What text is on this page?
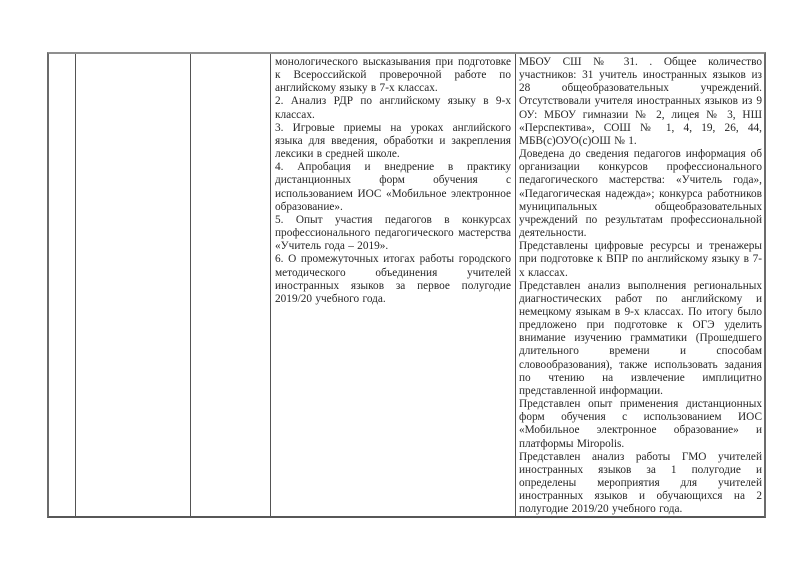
монологического высказывания при подготовке к Всероссийской проверочной работе по английскому языку в 7-х классах.

2. Анализ РДР по английскому языку в 9-х классах.

3. Игровые приемы на уроках английского языка для введения, обработки и закрепления лексики в средней школе.

4. Апробация и внедрение в практику дистанционных форм обучения с использованием ИОС «Мобильное электронное образование».

5. Опыт участия педагогов в конкурсах профессионального педагогического мастерства «Учитель года – 2019».

6. О промежуточных итогах работы городского методического объединения учителей иностранных языков за первое полугодие 2019/20 учебного года.

МБОУ СШ № 31. . Общее количество участников: 31 учитель иностранных языков из 28 общеобразовательных учреждений. Отсутствовали учителя иностранных языков из 9 ОУ: МБОУ гимназии № 2, лицея № 3, НШ «Перспектива», СОШ № 1, 4, 19, 26, 44, МБВ(с)ОУО(с)ОШ № 1.

Доведена до сведения педагогов информация об организации конкурсов профессионального педагогического мастерства: «Учитель года», «Педагогическая надежда»; конкурса работников муниципальных общеобразовательных учреждений по результатам профессиональной деятельности.

Представлены цифровые ресурсы и тренажеры при подготовке к ВПР по английскому языку в 7-х классах.

Представлен анализ выполнения региональных диагностических работ по английскому и немецкому языкам в 9-х классах. По итогу было предложено при подготовке к ОГЭ уделить внимание изучению грамматики (Прошедшего длительного времени и способам словообразования), также использовать задания по чтению на извлечение имплицитно представленной информации.

Представлен опыт применения дистанционных форм обучения с использованием ИОС «Мобильное электронное образование» и платформы Miropolis.

Представлен анализ работы ГМО учителей иностранных языков за 1 полугодие и определены мероприятия для учителей иностранных языков и обучающихся на 2 полугодие 2019/20 учебного года.
